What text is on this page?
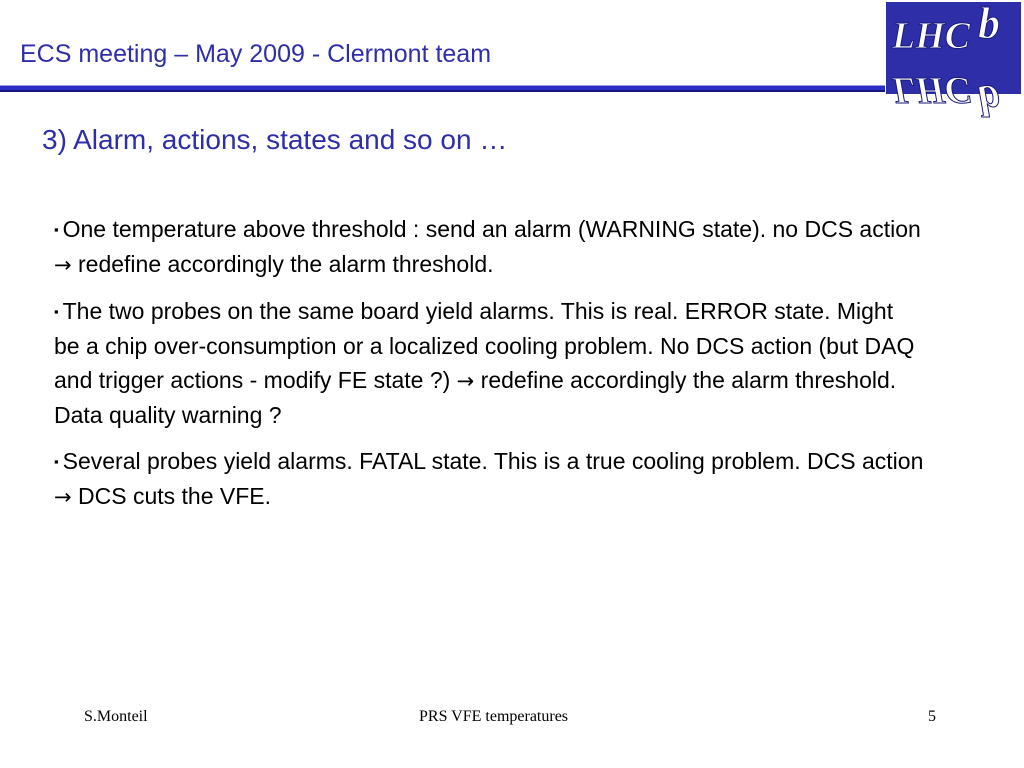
ECS meeting – May 2009 - Clermont team	LHC b
LHC b
3) Alarm, actions, states and so on …

▪ One temperature above threshold : send an alarm (WARNING state). no DCS action → redefine accordingly the alarm threshold.

▪ The two probes on the same board yield alarms. This is real. ERROR state. Might be a chip over-consumption or a localized cooling problem. No DCS action (but DAQ and trigger actions - modify FE state ?) → redefine accordingly the alarm threshold. Data quality warning ?

▪ Several probes yield alarms. FATAL state. This is a true cooling problem. DCS action → DCS cuts the VFE.

S.Monteil	PRS VFE temperatures	5
